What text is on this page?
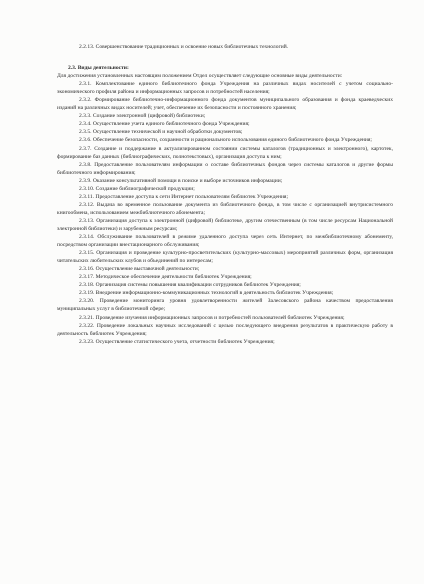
2.2.13. Совершенствование традиционных и освоение новых библиотечных технологий.

2.3. Виды деятельности:

Для достижения установленных настоящим положением Отдел осуществляет следующие основные виды деятельности:

2.3.1. Комплектование единого библиотечного фонда Учреждения на различных видах носителей с учетом социально-экономического профиля района и информационных запросов и потребностей населения;

2.3.2. Формирование библиотечно-информационного фонда документов муниципального образования и фонда краеведческих изданий на различных видах носителей; учет, обеспечение их безопасности и постоянного хранения;

2.3.3. Создание электронной (цифровой) библиотеки;

2.3.4. Осуществление учета единого библиотечного фонда Учреждения;

2.3.5. Осуществление технической и научной обработки документов;

2.3.6. Обеспечение безопасности, сохранности и рационального использования единого библиотечного фонда Учреждения;

2.3.7. Создание и поддержание в актуализированном состоянии системы каталогов (традиционных и электронного), картотек, формирование баз данных (библиографических, полнотекстовых), организация доступа к ним;

2.3.8. Предоставление пользователям информации о составе библиотечных фондов через системы каталогов и другие формы библиотечного информирования;

2.3.9. Оказание консультативной помощи в поиске и выборе источников информации;

2.3.10. Создание библиографической продукции;

2.3.11. Предоставление доступа к сети Интернет пользователям библиотек Учреждения;

2.3.12. Выдача во временное пользование документа из библиотечного фонда, в том числе с организацией внутрисистемного книгообмена, использованием межбиблиотечного абонемента;

2.3.13. Организация доступа к электронной (цифровой) библиотеке, другим отечественным (в том числе ресурсам Национальной электронной библиотеки) и зарубежным ресурсам;

2.3.14. Обслуживание пользователей в режиме удаленного доступа через сеть Интернет, по межбиблиотечному абонементу, посредством организации внестационарного обслуживания;

2.3.15. Организация и проведение культурно-просветительских (культурно-массовых) мероприятий различных форм, организация читательских любительских клубов и объединений по интересам;

2.3.16. Осуществление выставочной деятельности;

2.3.17. Методическое обеспечение деятельности библиотек Учреждения;

2.3.18. Организация системы повышения квалификации сотрудников библиотек Учреждения;

2.3.19. Внедрение информационно-коммуникационных технологий в деятельность библиотек Учреждения;

2.3.20. Проведение мониторинга уровня удовлетворенности жителей Залесовского района качеством предоставления муниципальных услуг в библиотечной сфере;

2.3.21. Проведение изучения информационных запросов и потребностей пользователей библиотек Учреждения;

2.3.22. Проведение локальных научных исследований с целью последующего внедрения результатов в практическую работу в деятельность библиотек Учреждения;

2.3.23. Осуществление статистического учета, отчетности библиотек Учреждения;
